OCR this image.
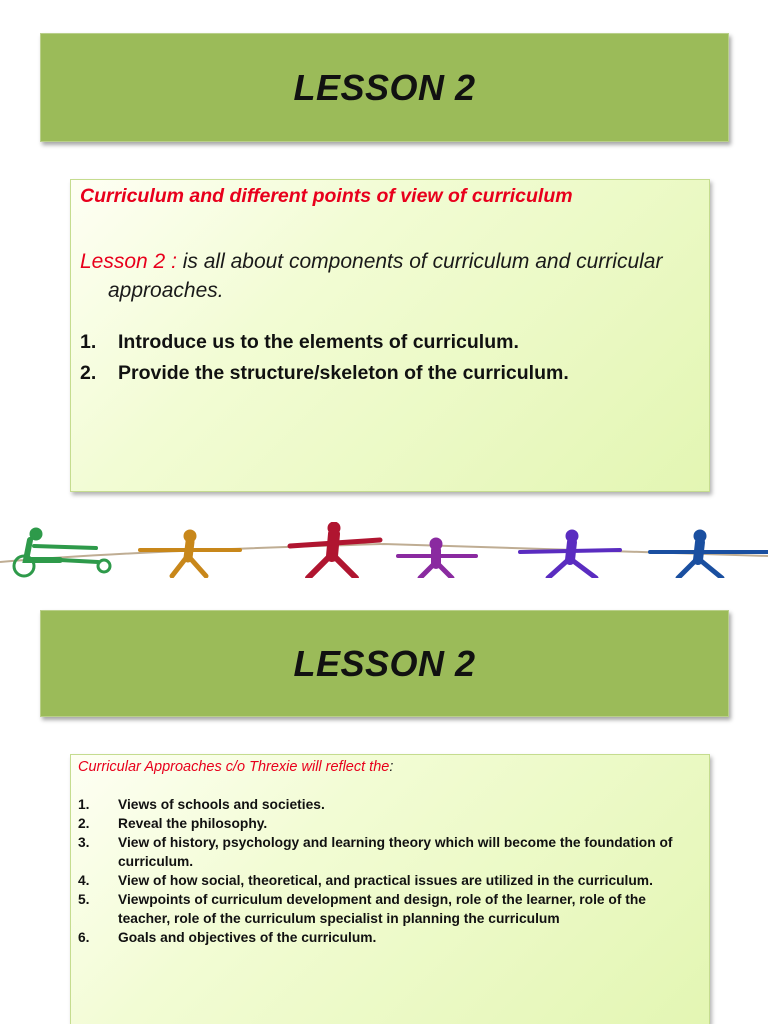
LESSON 2

Curriculum and different points of view of curriculum

Lesson 2 : is all about components of curriculum and curricular approaches.

1.	Introduce us to the elements of curriculum.
2.	Provide the structure/skeleton of the curriculum.
LESSON 2

Curricular Approaches c/o Threxie will reflect the:

1.	Views of schools and societies.
2.	Reveal the philosophy.
3.	View of history, psychology and learning theory which will become the foundation of curriculum.
4.	View of how social, theoretical, and practical issues are utilized in the curriculum.
5.	Viewpoints of curriculum development and design, role of the learner, role of the teacher, role of the curriculum specialist in planning the curriculum
6.	Goals and objectives of the curriculum.
